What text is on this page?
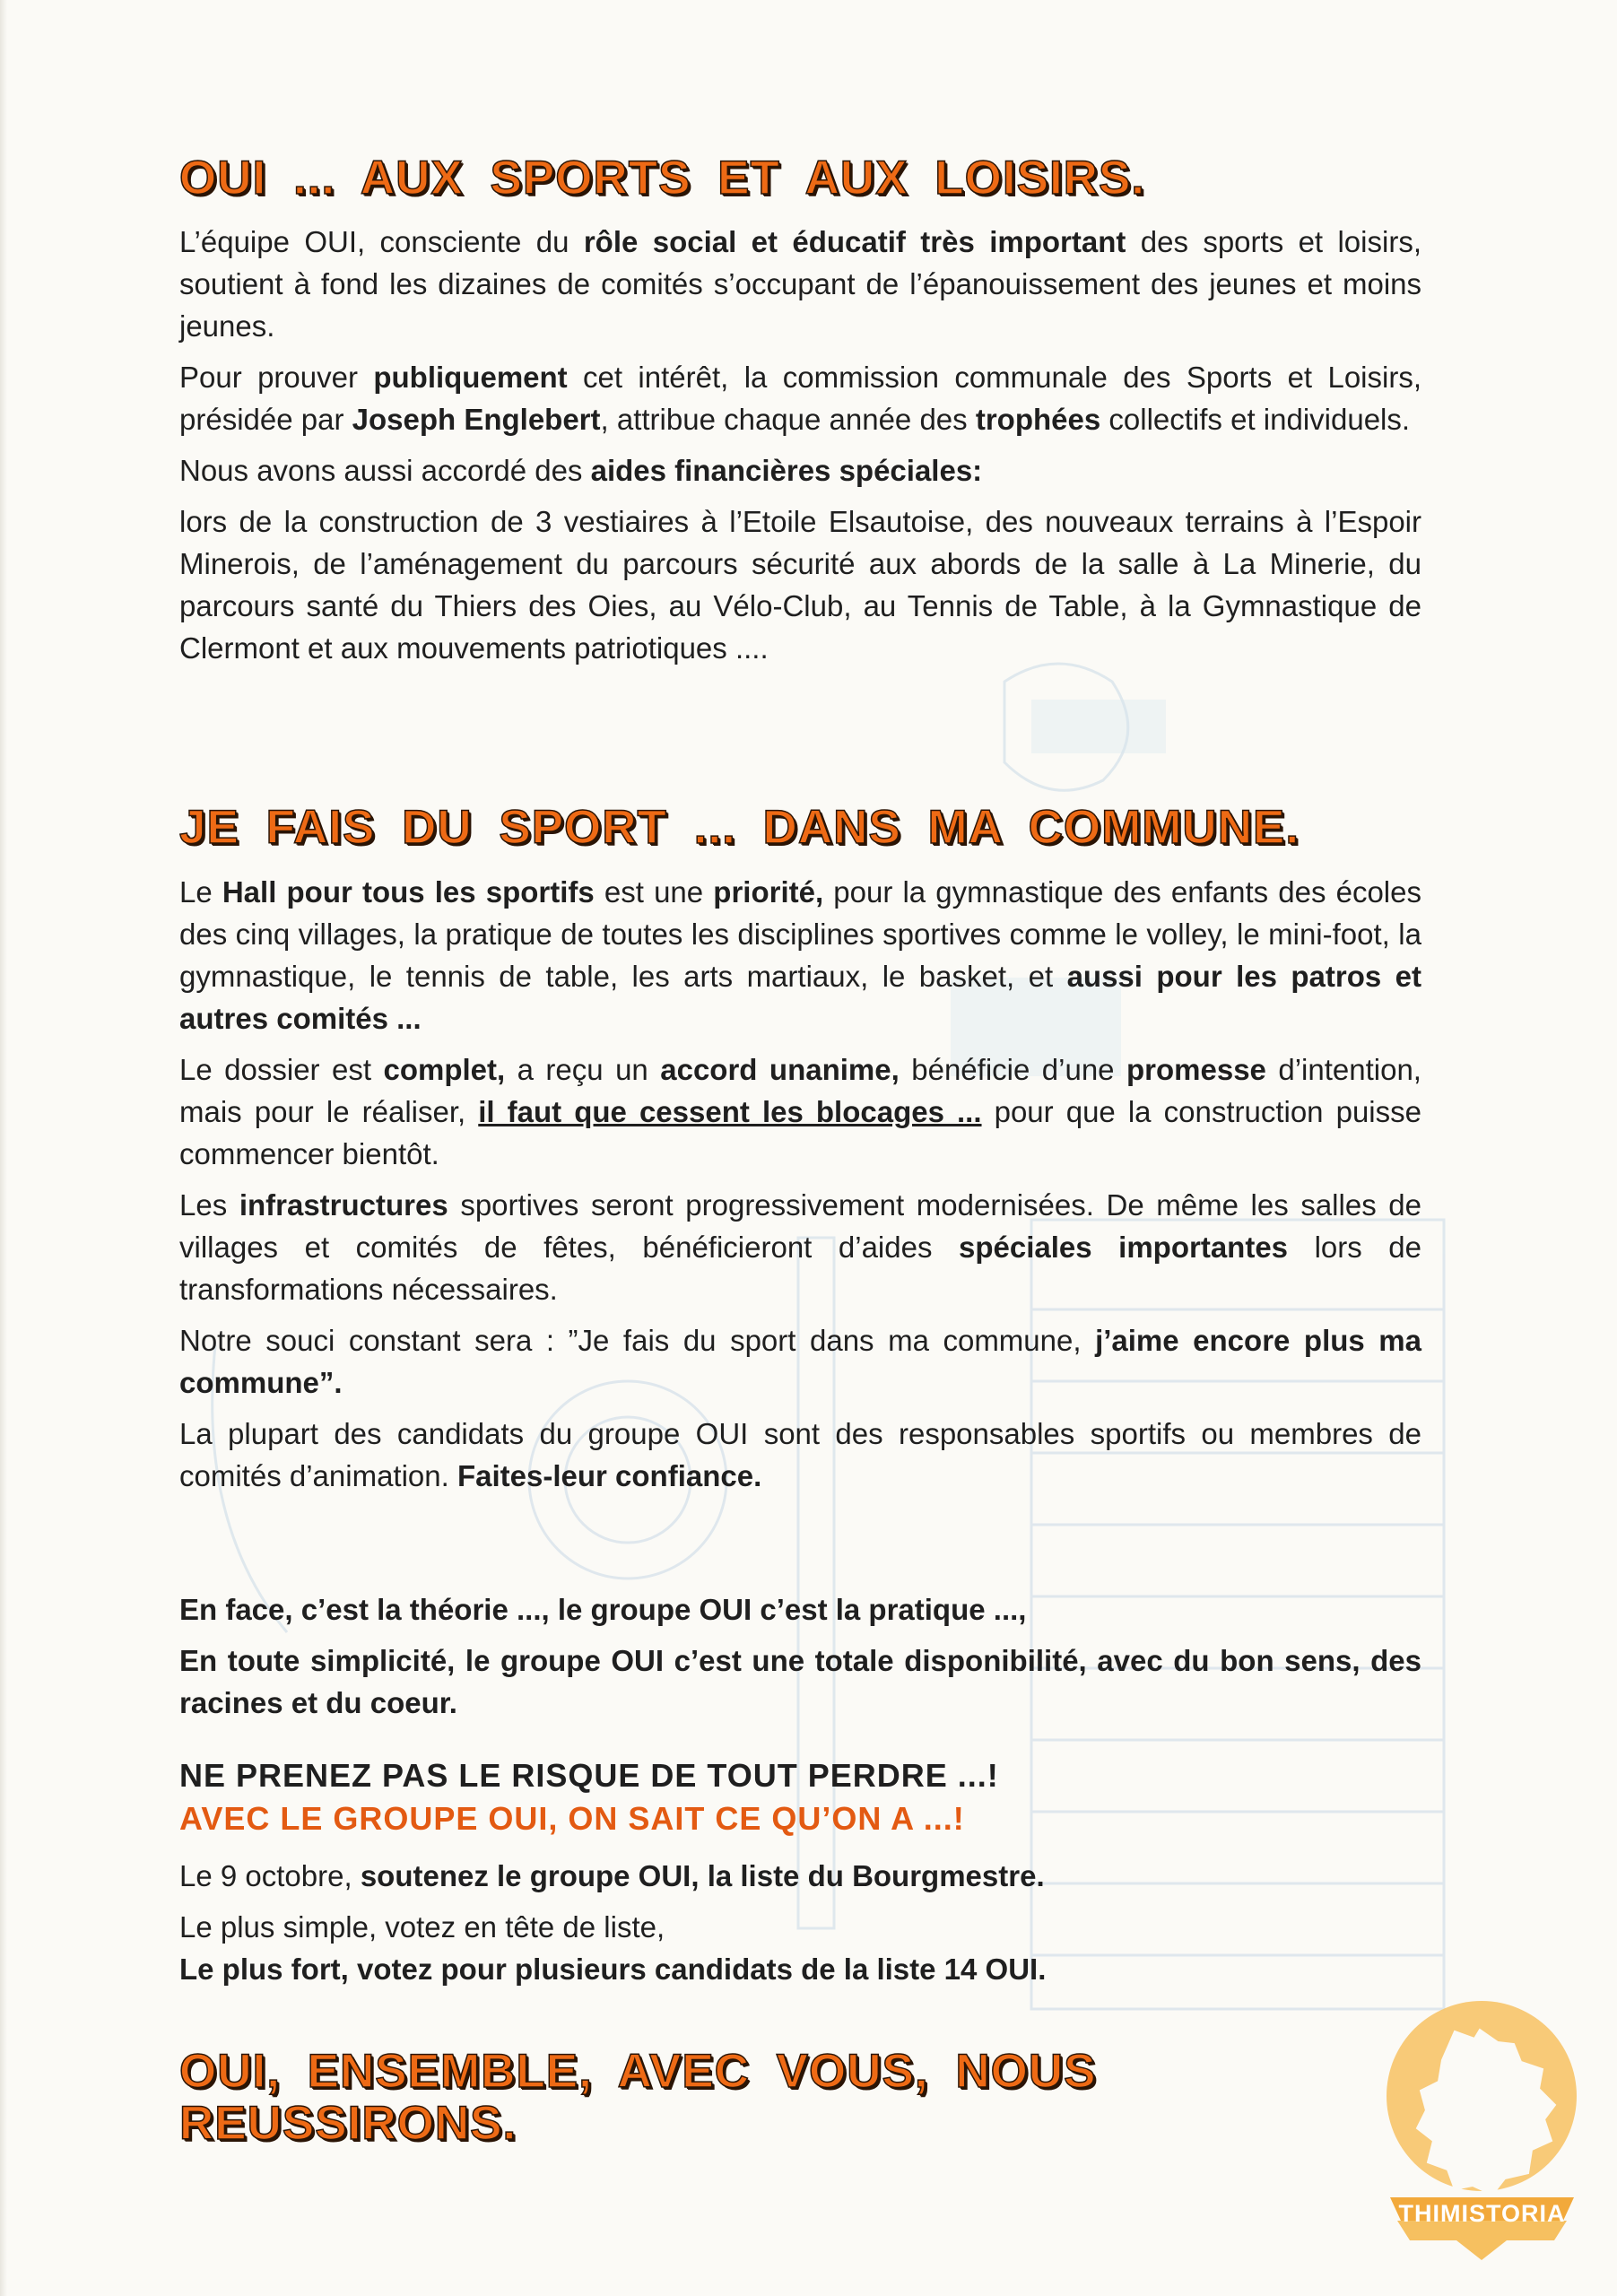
OUI ... AUX SPORTS ET AUX LOISIRS.

L’équipe OUI, consciente du rôle social et éducatif très important des sports et loisirs, soutient à fond les dizaines de comités s’occupant de l’épanouissement des jeunes et moins jeunes.

Pour prouver publiquement cet intérêt, la commission communale des Sports et Loisirs, présidée par Joseph Englebert, attribue chaque année des trophées collectifs et individuels.

Nous avons aussi accordé des aides financières spéciales:

lors de la construction de 3 vestiaires à l’Etoile Elsautoise, des nouveaux terrains à l’Espoir Minerois, de l’aménagement du parcours sécurité aux abords de la salle à La Minerie, du parcours santé du Thiers des Oies, au Vélo-Club, au Tennis de Table, à la Gymnastique de Clermont et aux mouvements patriotiques ....

JE FAIS DU SPORT ... DANS MA COMMUNE.

Le Hall pour tous les sportifs est une priorité, pour la gymnastique des enfants des écoles des cinq villages, la pratique de toutes les disciplines sportives comme le volley, le mini-foot, la gymnastique, le tennis de table, les arts martiaux, le basket, et aussi pour les patros et autres comités ...

Le dossier est complet, a reçu un accord unanime, bénéficie d’une promesse d’intention, mais pour le réaliser, il faut que cessent les blocages ... pour que la construction puisse commencer bientôt.

Les infrastructures sportives seront progressivement modernisées. De même les salles de villages et comités de fêtes, bénéficieront d’aides spéciales importantes lors de transformations nécessaires.

Notre souci constant sera : ”Je fais du sport dans ma commune, j’aime encore plus ma commune”.

La plupart des candidats du groupe OUI sont des responsables sportifs ou membres de comités d’animation. Faites-leur confiance.

En face, c’est la théorie ..., le groupe OUI c’est la pratique ...,

En toute simplicité, le groupe OUI c’est une totale disponibilité, avec du bon sens, des racines et du coeur.

NE PRENEZ PAS LE RISQUE DE TOUT PERDRE ...!

AVEC LE GROUPE OUI, ON SAIT CE QU’ON A ...!

Le 9 octobre, soutenez le groupe OUI, la liste du Bourgmestre.

Le plus simple, votez en tête de liste,

Le plus fort, votez pour plusieurs candidats de la liste 14 OUI.

OUI, ENSEMBLE, AVEC VOUS, NOUS REUSSIRONS.
THIMISTORIA
